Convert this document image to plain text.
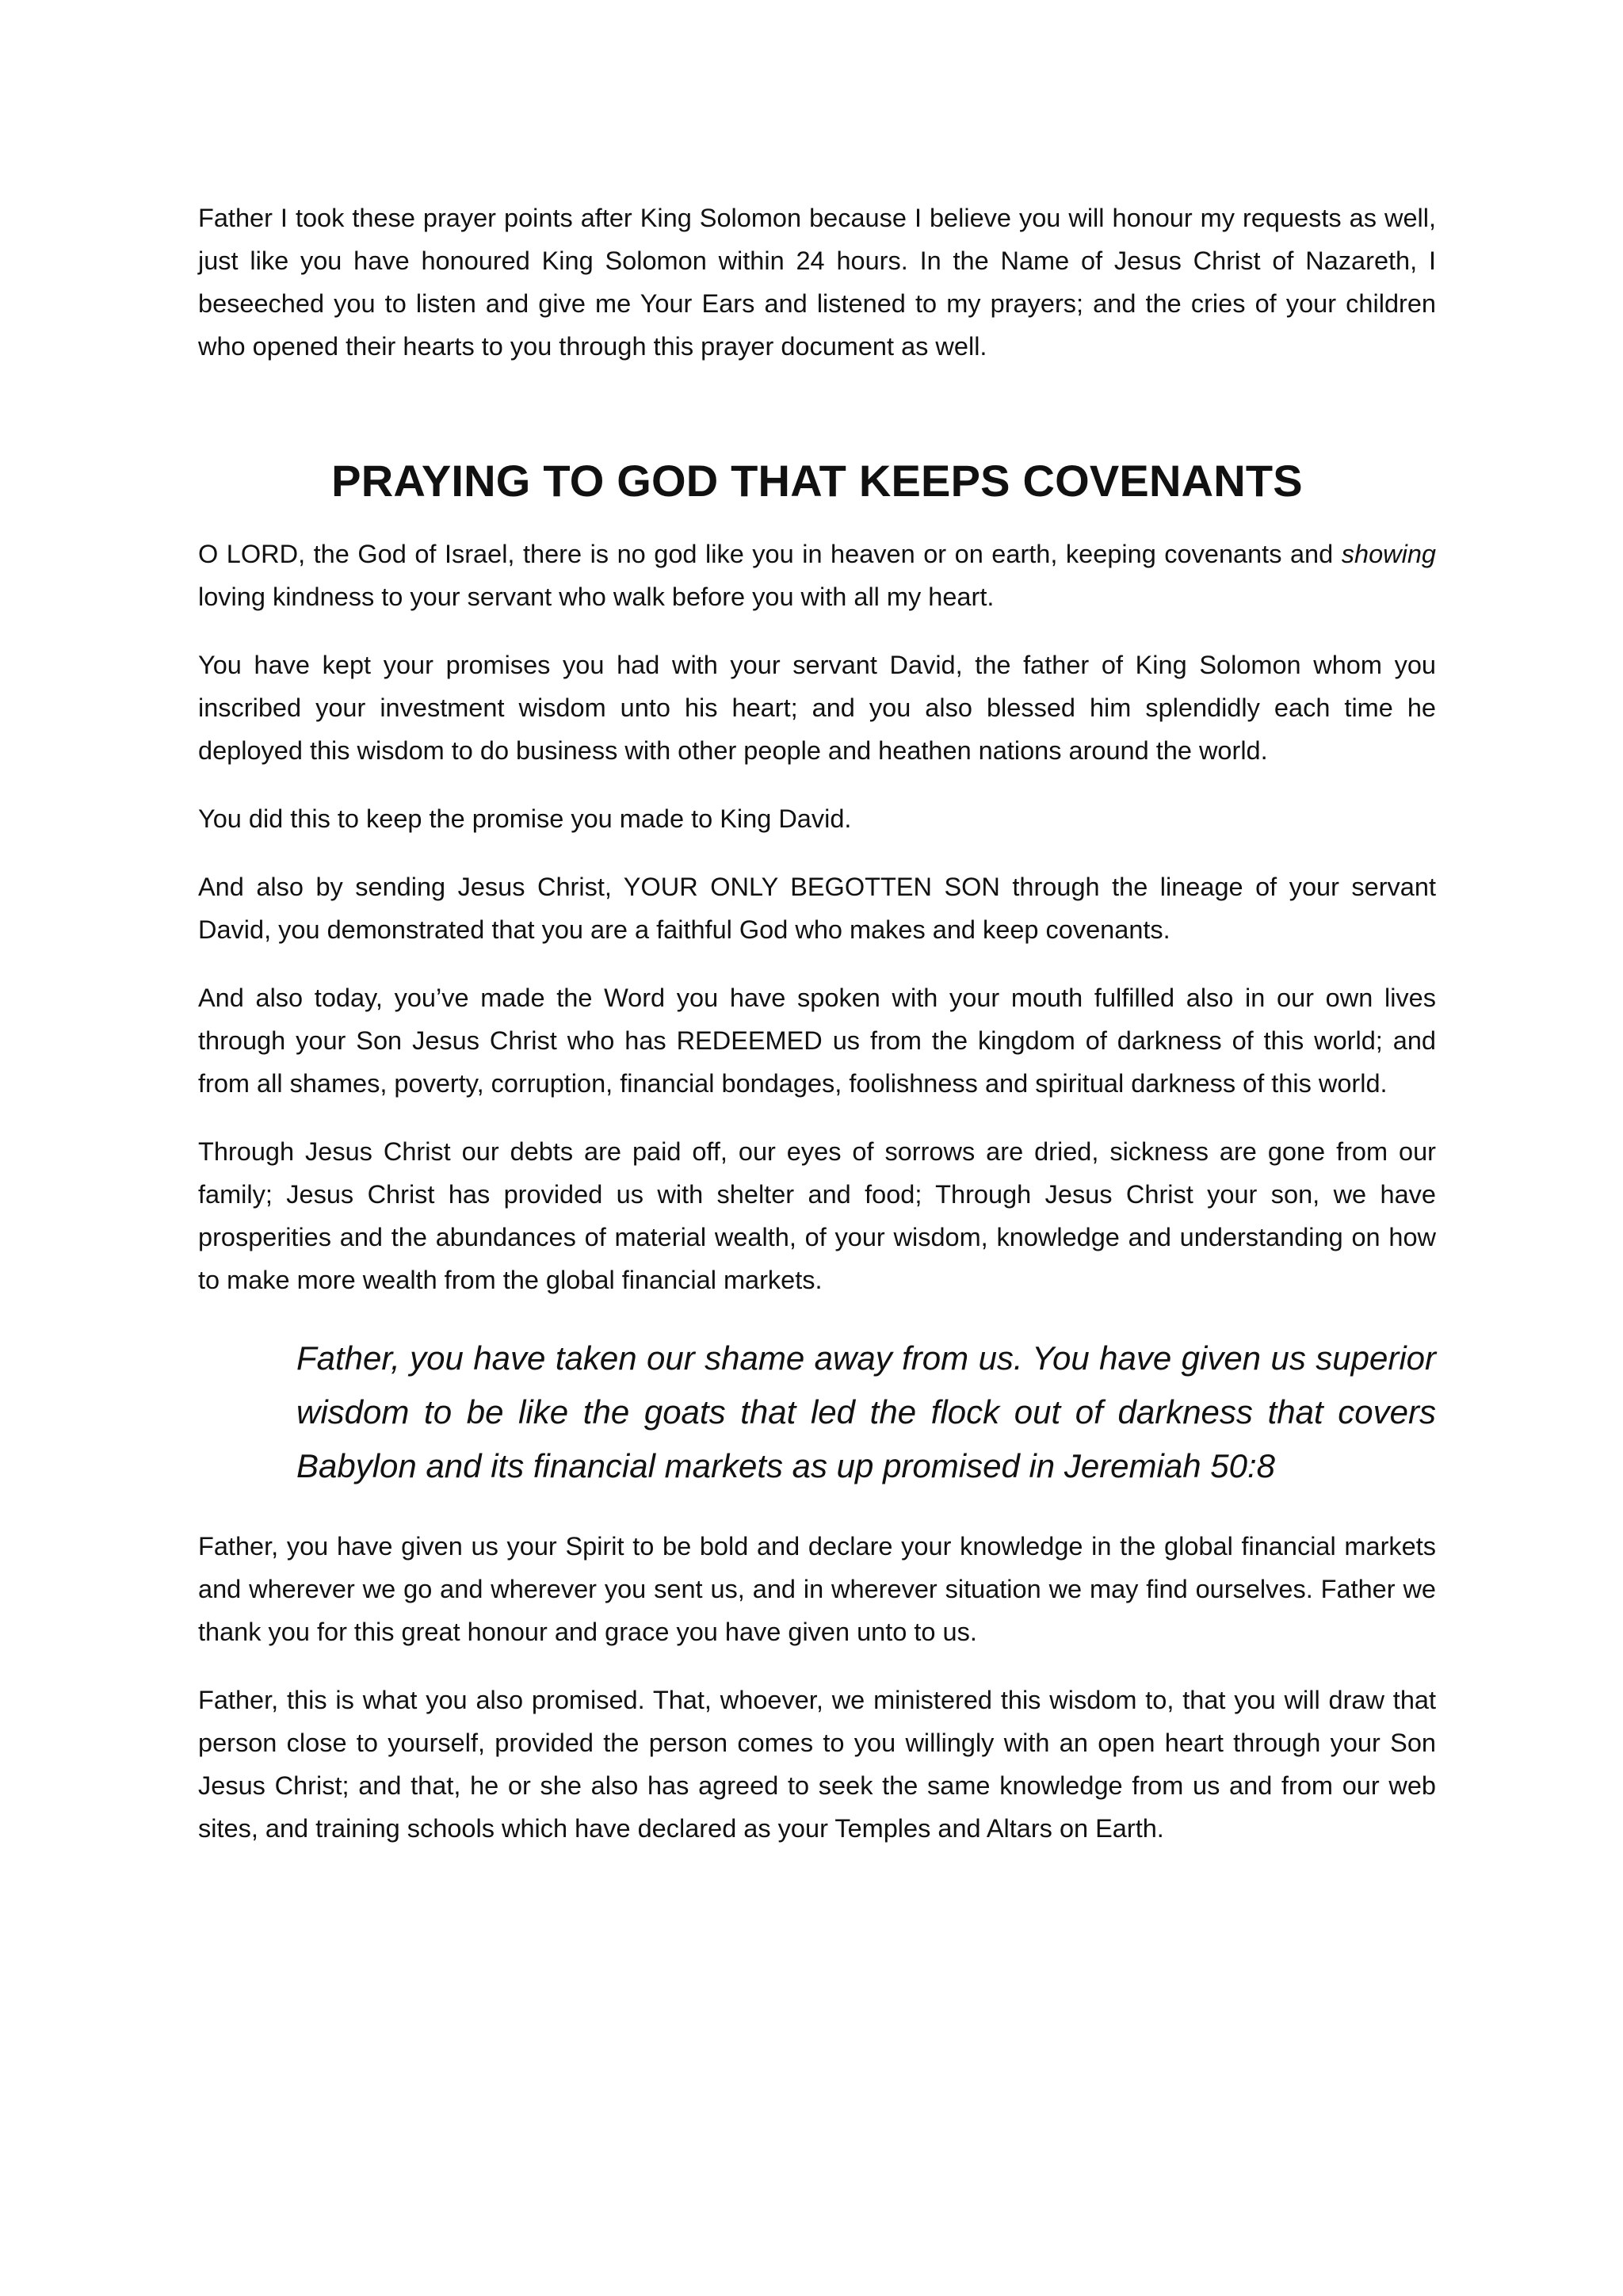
Father I took these prayer points after King Solomon because I believe you will honour my requests as well, just like you have honoured King Solomon within 24 hours. In the Name of Jesus Christ of Nazareth, I beseeched you to listen and give me Your Ears and listened to my prayers; and the cries of your children who opened their hearts to you through this prayer document as well.

PRAYING TO GOD THAT KEEPS COVENANTS

O LORD, the God of Israel, there is no god like you in heaven or on earth, keeping covenants and showing loving kindness to your servant who walk before you with all my heart.

You have kept your promises you had with your servant David, the father of King Solomon whom you inscribed your investment wisdom unto his heart; and you also blessed him splendidly each time he deployed this wisdom to do business with other people and heathen nations around the world.

You did this to keep the promise you made to King David.

And also by sending Jesus Christ, YOUR ONLY BEGOTTEN SON through the lineage of your servant David, you demonstrated that you are a faithful God who makes and keep covenants.

And also today, you’ve made the Word you have spoken with your mouth fulfilled also in our own lives through your Son Jesus Christ who has REDEEMED us from the kingdom of darkness of this world; and from all shames, poverty, corruption, financial bondages, foolishness and spiritual darkness of this world.

Through Jesus Christ our debts are paid off, our eyes of sorrows are dried, sickness are gone from our family; Jesus Christ has provided us with shelter and food; Through Jesus Christ your son, we have prosperities and the abundances of material wealth, of your wisdom, knowledge and understanding on how to make more wealth from the global financial markets.

Father, you have taken our shame away from us. You have given us superior wisdom to be like the goats that led the flock out of darkness that covers Babylon and its financial markets as up promised in Jeremiah 50:8

Father, you have given us your Spirit to be bold and declare your knowledge in the global financial markets and wherever we go and wherever you sent us, and in wherever situation we may find ourselves. Father we thank you for this great honour and grace you have given unto to us.

Father, this is what you also promised. That, whoever, we ministered this wisdom to, that you will draw that person close to yourself, provided the person comes to you willingly with an open heart through your Son Jesus Christ; and that, he or she also has agreed to seek the same knowledge from us and from our web sites, and training schools which have declared as your Temples and Altars on Earth.
